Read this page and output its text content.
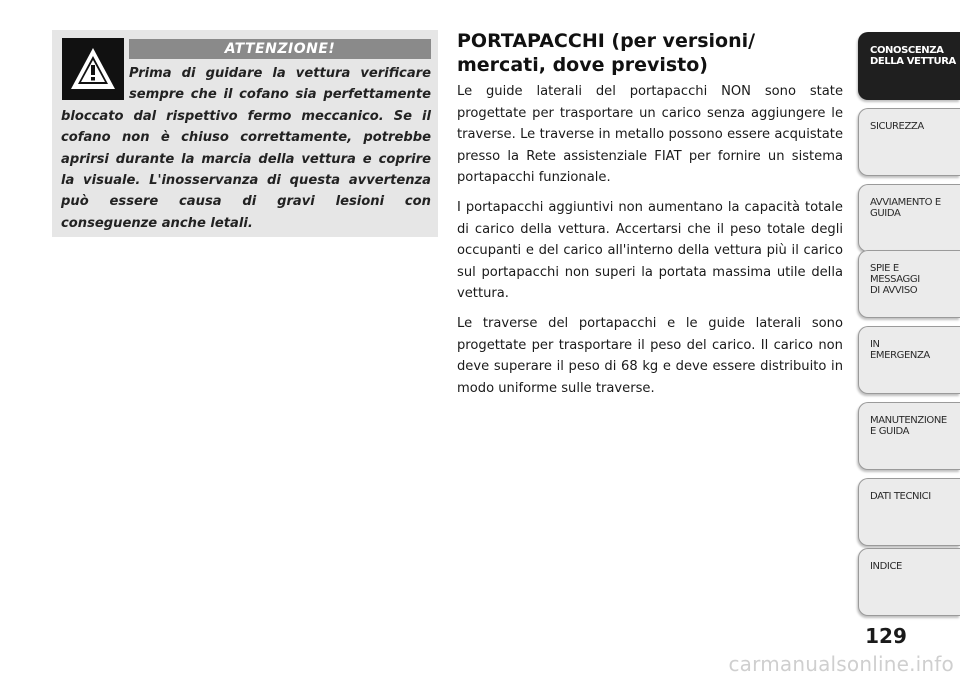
ATTENZIONE!

Prima di guidare la vettura verificare sempre che il cofano sia perfettamente bloccato dal rispettivo fermo meccanico. Se il cofano non è chiuso correttamente, potrebbe aprirsi durante la marcia della vettura e coprire la visuale. L'inosservanza di questa avvertenza può essere causa di gravi lesioni con conseguenze anche letali.

PORTAPACCHI (per versioni/ mercati, dove previsto)

Le guide laterali del portapacchi NON sono state progettate per trasportare un carico senza aggiungere le traverse. Le traverse in metallo possono essere acquistate presso la Rete assistenziale FIAT per fornire un sistema portapacchi funzionale.

I portapacchi aggiuntivi non aumentano la capacità totale di carico della vettura. Accertarsi che il peso totale degli occupanti e del carico all'interno della vettura più il carico sul portapacchi non superi la portata massima utile della vettura.

Le traverse del portapacchi e le guide laterali sono progettate per trasportare il peso del carico. Il carico non deve superare il peso di 68 kg e deve essere distribuito in modo uniforme sulle traverse.

CONOSCENZA
DELLA VETTURA
SICUREZZA
AVVIAMENTO E
GUIDA
SPIE E
MESSAGGI
DI AVVISO
IN
EMERGENZA
MANUTENZIONE
E GUIDA
DATI TECNICI
INDICE
129
carmanualsonline.info
